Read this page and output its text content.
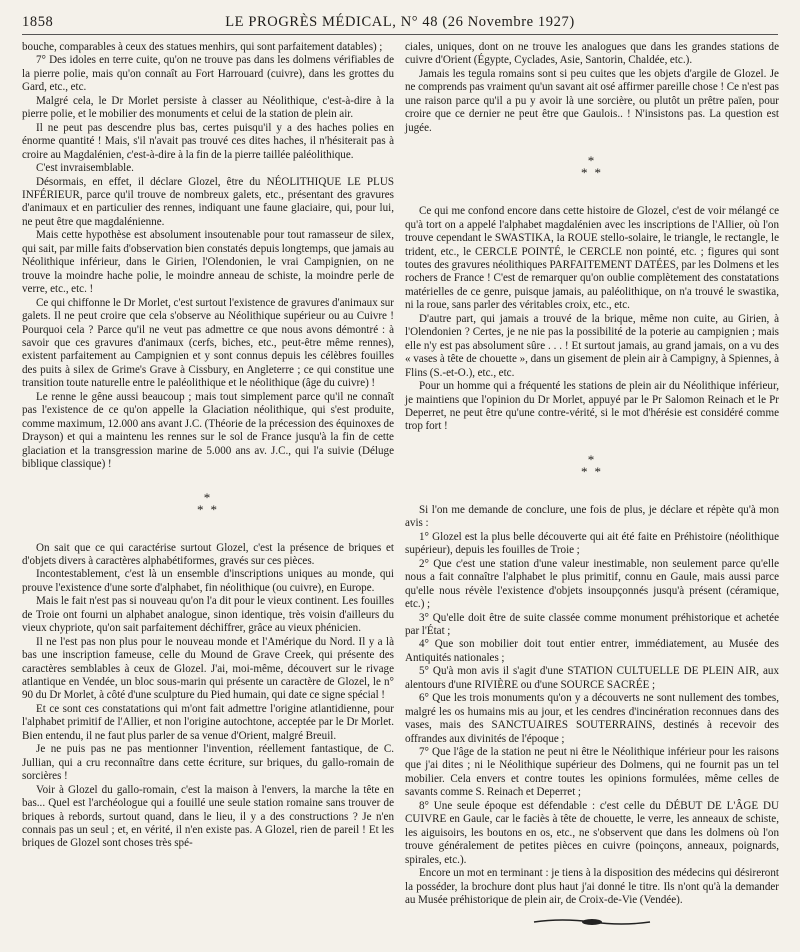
1858	LE PROGRÈS MÉDICAL, N° 48 (26 Novembre 1927)

bouche, comparables à ceux des statues menhirs, qui sont parfaitement datables) ;

7° Des idoles en terre cuite, qu'on ne trouve pas dans les dolmens vérifiables de la pierre polie, mais qu'on connaît au Fort Harrouard (cuivre), dans les grottes du Gard, etc., etc.

Malgré cela, le Dr Morlet persiste à classer au Néolithique, c'est-à-dire à la pierre polie, et le mobilier des monuments et celui de la station de plein air.

Il ne peut pas descendre plus bas, certes puisqu'il y a des haches polies en énorme quantité ! Mais, s'il n'avait pas trouvé ces dites haches, il n'hésiterait pas à croire au Magdalénien, c'est-à-dire à la fin de la pierre taillée paléolithique.

C'est invraisemblable.

Désormais, en effet, il déclare Glozel, être du NÉOLITHIQUE LE PLUS INFÉRIEUR, parce qu'il trouve de nombreux galets, etc., présentant des gravures d'animaux et en particulier des rennes, indiquant une faune glaciaire, qui, pour lui, ne peut être que magdalénienne.

Mais cette hypothèse est absolument insoutenable pour tout ramasseur de silex, qui sait, par mille faits d'observation bien constatés depuis longtemps, que jamais au Néolithique inférieur, dans le Girien, l'Olendonien, le vrai Campignien, on ne trouve la moindre hache polie, le moindre anneau de schiste, la moindre perle de verre, etc., etc. !

Ce qui chiffonne le Dr Morlet, c'est surtout l'existence de gravures d'animaux sur galets. Il ne peut croire que cela s'observe au Néolithique supérieur ou au Cuivre ! Pourquoi cela ? Parce qu'il ne veut pas admettre ce que nous avons démontré : à savoir que ces gravures d'animaux (cerfs, biches, etc., peut-être même rennes), existent parfaitement au Campignien et y sont connus depuis les célèbres fouilles des puits à silex de Grime's Grave à Cissbury, en Angleterre ; ce qui constitue une transition toute naturelle entre le paléolithique et le néolithique (âge du cuivre) !

Le renne le gêne aussi beaucoup ; mais tout simplement parce qu'il ne connaît pas l'existence de ce qu'on appelle la Glaciation néolithique, qui s'est produite, comme maximum, 12.000 ans avant J.C. (Théorie de la précession des équinoxes de Drayson) et qui a maintenu les rennes sur le sol de France jusqu'à la fin de cette glaciation et la transgression marine de 5.000 ans av. J.C., qui l'a suivie (Déluge biblique classique) !

*
* *

On sait que ce qui caractérise surtout Glozel, c'est la présence de briques et d'objets divers à caractères alphabétiformes, gravés sur ces pièces.

Incontestablement, c'est là un ensemble d'inscriptions uniques au monde, qui prouve l'existence d'une sorte d'alphabet, fin néolithique (ou cuivre), en Europe.

Mais le fait n'est pas si nouveau qu'on l'a dit pour le vieux continent. Les fouilles de Troie ont fourni un alphabet analogue, sinon identique, très voisin d'ailleurs du vieux chypriote, qu'on sait parfaitement déchiffrer, grâce au vieux phénicien.

Il ne l'est pas non plus pour le nouveau monde et l'Amérique du Nord. Il y a là bas une inscription fameuse, celle du Mound de Grave Creek, qui présente des caractères semblables à ceux de Glozel. J'ai, moi-même, découvert sur le rivage atlantique en Vendée, un bloc sous-marin qui présente un caractère de Glozel, le n° 90 du Dr Morlet, à côté d'une sculpture du Pied humain, qui date ce signe spécial !

Et ce sont ces constatations qui m'ont fait admettre l'origine atlantidienne, pour l'alphabet primitif de l'Allier, et non l'origine autochtone, acceptée par le Dr Morlet. Bien entendu, il ne faut plus parler de sa venue d'Orient, malgré Breuil.

Je ne puis pas ne pas mentionner l'invention, réellement fantastique, de C. Jullian, qui a cru reconnaître dans cette écriture, sur briques, du gallo-romain de sorcières !

Voir à Glozel du gallo-romain, c'est la maison à l'envers, la marche la tête en bas... Quel est l'archéologue qui a fouillé une seule station romaine sans trouver de briques à rebords, surtout quand, dans le lieu, il y a des constructions ? Je n'en connais pas un seul ; et, en vérité, il n'en existe pas. A Glozel, rien de pareil ! Et les briques de Glozel sont choses très spé-

ciales, uniques, dont on ne trouve les analogues que dans les grandes stations de cuivre d'Orient (Égypte, Cyclades, Asie, Santorin, Chaldée, etc.).

Jamais les tegula romains sont si peu cuites que les objets d'argile de Glozel. Je ne comprends pas vraiment qu'un savant ait osé affirmer pareille chose ! Ce n'est pas une raison parce qu'il a pu y avoir là une sorcière, ou plutôt un prêtre païen, pour croire que ce dernier ne peut être que Gaulois.. ! N'insistons pas. La question est jugée.

*
* *

Ce qui me confond encore dans cette histoire de Glozel, c'est de voir mélangé ce qu'à tort on a appelé l'alphabet magdalénien avec les inscriptions de l'Allier, où l'on trouve cependant le SWASTIKA, la ROUE stello-solaire, le triangle, le rectangle, le trident, etc., le CERCLE POINTÉ, le CERCLE non pointé, etc. ; figures qui sont toutes des gravures néolithiques PARFAITEMENT DATÉES, par les Dolmens et les rochers de France ! C'est de remarquer qu'on oublie complètement des constatations matérielles de ce genre, puisque jamais, au paléolithique, on n'a trouvé le swastika, ni la roue, sans parler des véritables croix, etc., etc.

D'autre part, qui jamais a trouvé de la brique, même non cuite, au Girien, à l'Olendonien ? Certes, je ne nie pas la possibilité de la poterie au campignien ; mais elle n'y est pas absolument sûre . . . ! Et surtout jamais, au grand jamais, on a vu des « vases à tête de chouette », dans un gisement de plein air à Campigny, à Spiennes, à Flins (S.-et-O.), etc., etc.

Pour un homme qui a fréquenté les stations de plein air du Néolithique inférieur, je maintiens que l'opinion du Dr Morlet, appuyé par le Pr Salomon Reinach et le Pr Deperret, ne peut être qu'une contre-vérité, si le mot d'hérésie est considéré comme trop fort !

*
* *

Si l'on me demande de conclure, une fois de plus, je déclare et répète qu'à mon avis :

1° Glozel est la plus belle découverte qui ait été faite en Préhistoire (néolithique supérieur), depuis les fouilles de Troie ;

2° Que c'est une station d'une valeur inestimable, non seulement parce qu'elle nous a fait connaître l'alphabet le plus primitif, connu en Gaule, mais aussi parce qu'elle nous révèle l'existence d'objets insoupçonnés jusqu'à présent (céramique, etc.) ;

3° Qu'elle doit être de suite classée comme monument préhistorique et achetée par l'État ;

4° Que son mobilier doit tout entier entrer, immédiatement, au Musée des Antiquités nationales ;

5° Qu'à mon avis il s'agit d'une STATION CULTUELLE DE PLEIN AIR, aux alentours d'une RIVIÈRE ou d'une SOURCE SACRÉE ;

6° Que les trois monuments qu'on y a découverts ne sont nullement des tombes, malgré les os humains mis au jour, et les cendres d'incinération reconnues dans des vases, mais des SANCTUAIRES SOUTERRAINS, destinés à recevoir des offrandes aux divinités de l'époque ;

7° Que l'âge de la station ne peut ni être le Néolithique inférieur pour les raisons que j'ai dites ; ni le Néolithique supérieur des Dolmens, qui ne fournit pas un tel mobilier. Cela envers et contre toutes les opinions formulées, même celles de savants comme S. Reinach et Deperret ;

8° Une seule époque est défendable : c'est celle du DÉBUT DE L'ÂGE DU CUIVRE en Gaule, car le faciès à tête de chouette, le verre, les anneaux de schiste, les aiguisoirs, les boutons en os, etc., ne s'observent que dans les dolmens où l'on trouve généralement de petites pièces en cuivre (poinçons, anneaux, poignards, spirales, etc.).

Encore un mot en terminant : je tiens à la disposition des médecins qui désireront la posséder, la brochure dont plus haut j'ai donné le titre. Ils n'ont qu'à la demander au Musée préhistorique de plein air, de Croix-de-Vie (Vendée).
